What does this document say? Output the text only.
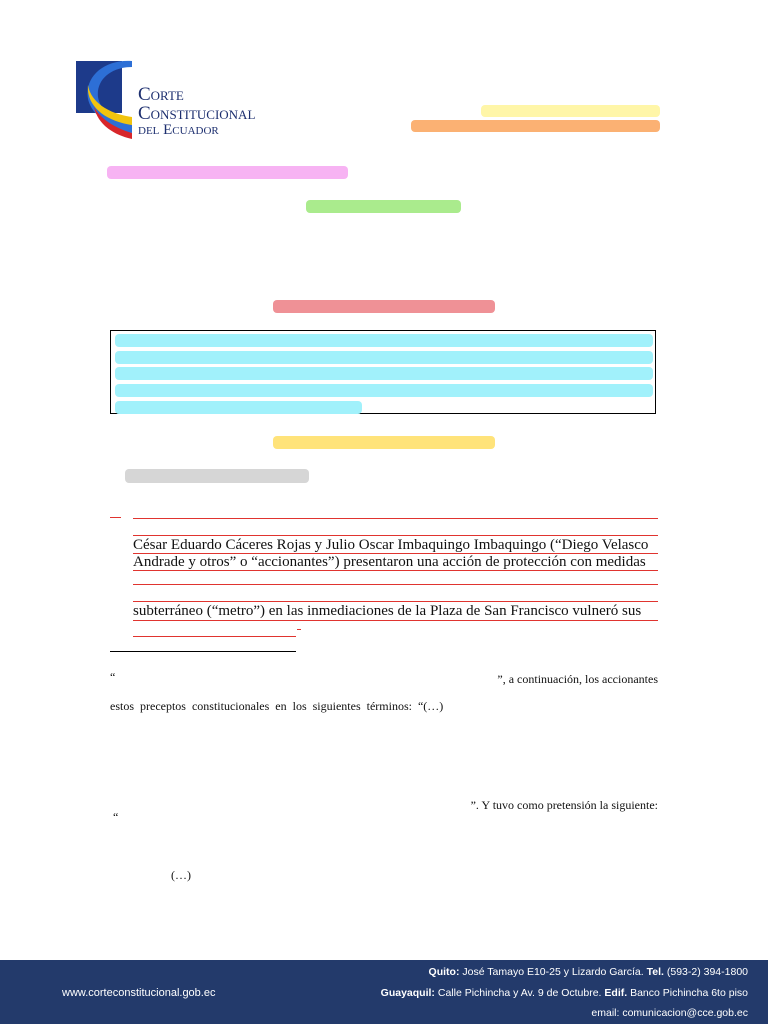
Corte
Constitucional
del Ecuador
César Eduardo Cáceres Rojas y Julio Oscar Imbaquingo Imbaquingo (“Diego Velasco
Andrade y otros” o “accionantes”) presentaron una acción de protección con medidas
subterráneo (“metro”) en las inmediaciones de la Plaza de San Francisco vulneró sus
“	”, a continuación, los accionantes
estos preceptos constitucionales en los siguientes términos: “(…)
”. Y tuvo como pretensión la siguiente:
“
(…)
www.corteconstitucional.gob.ec
Quito: José Tamayo E10-25 y Lizardo García. Tel. (593-2) 394-1800
Guayaquil: Calle Pichincha y Av. 9 de Octubre. Edif. Banco Pichincha 6to piso
email: comunicacion@cce.gob.ec
